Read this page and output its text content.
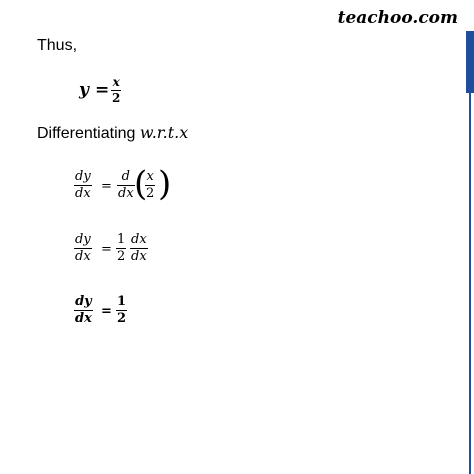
teachoo.com
Thus,
y = x
2
Differentiating w.r.t.x
dy
dx =
d
dx ( x
2 )
dy
dx =
1
2
dx
dx
dy
dx =
1
2
